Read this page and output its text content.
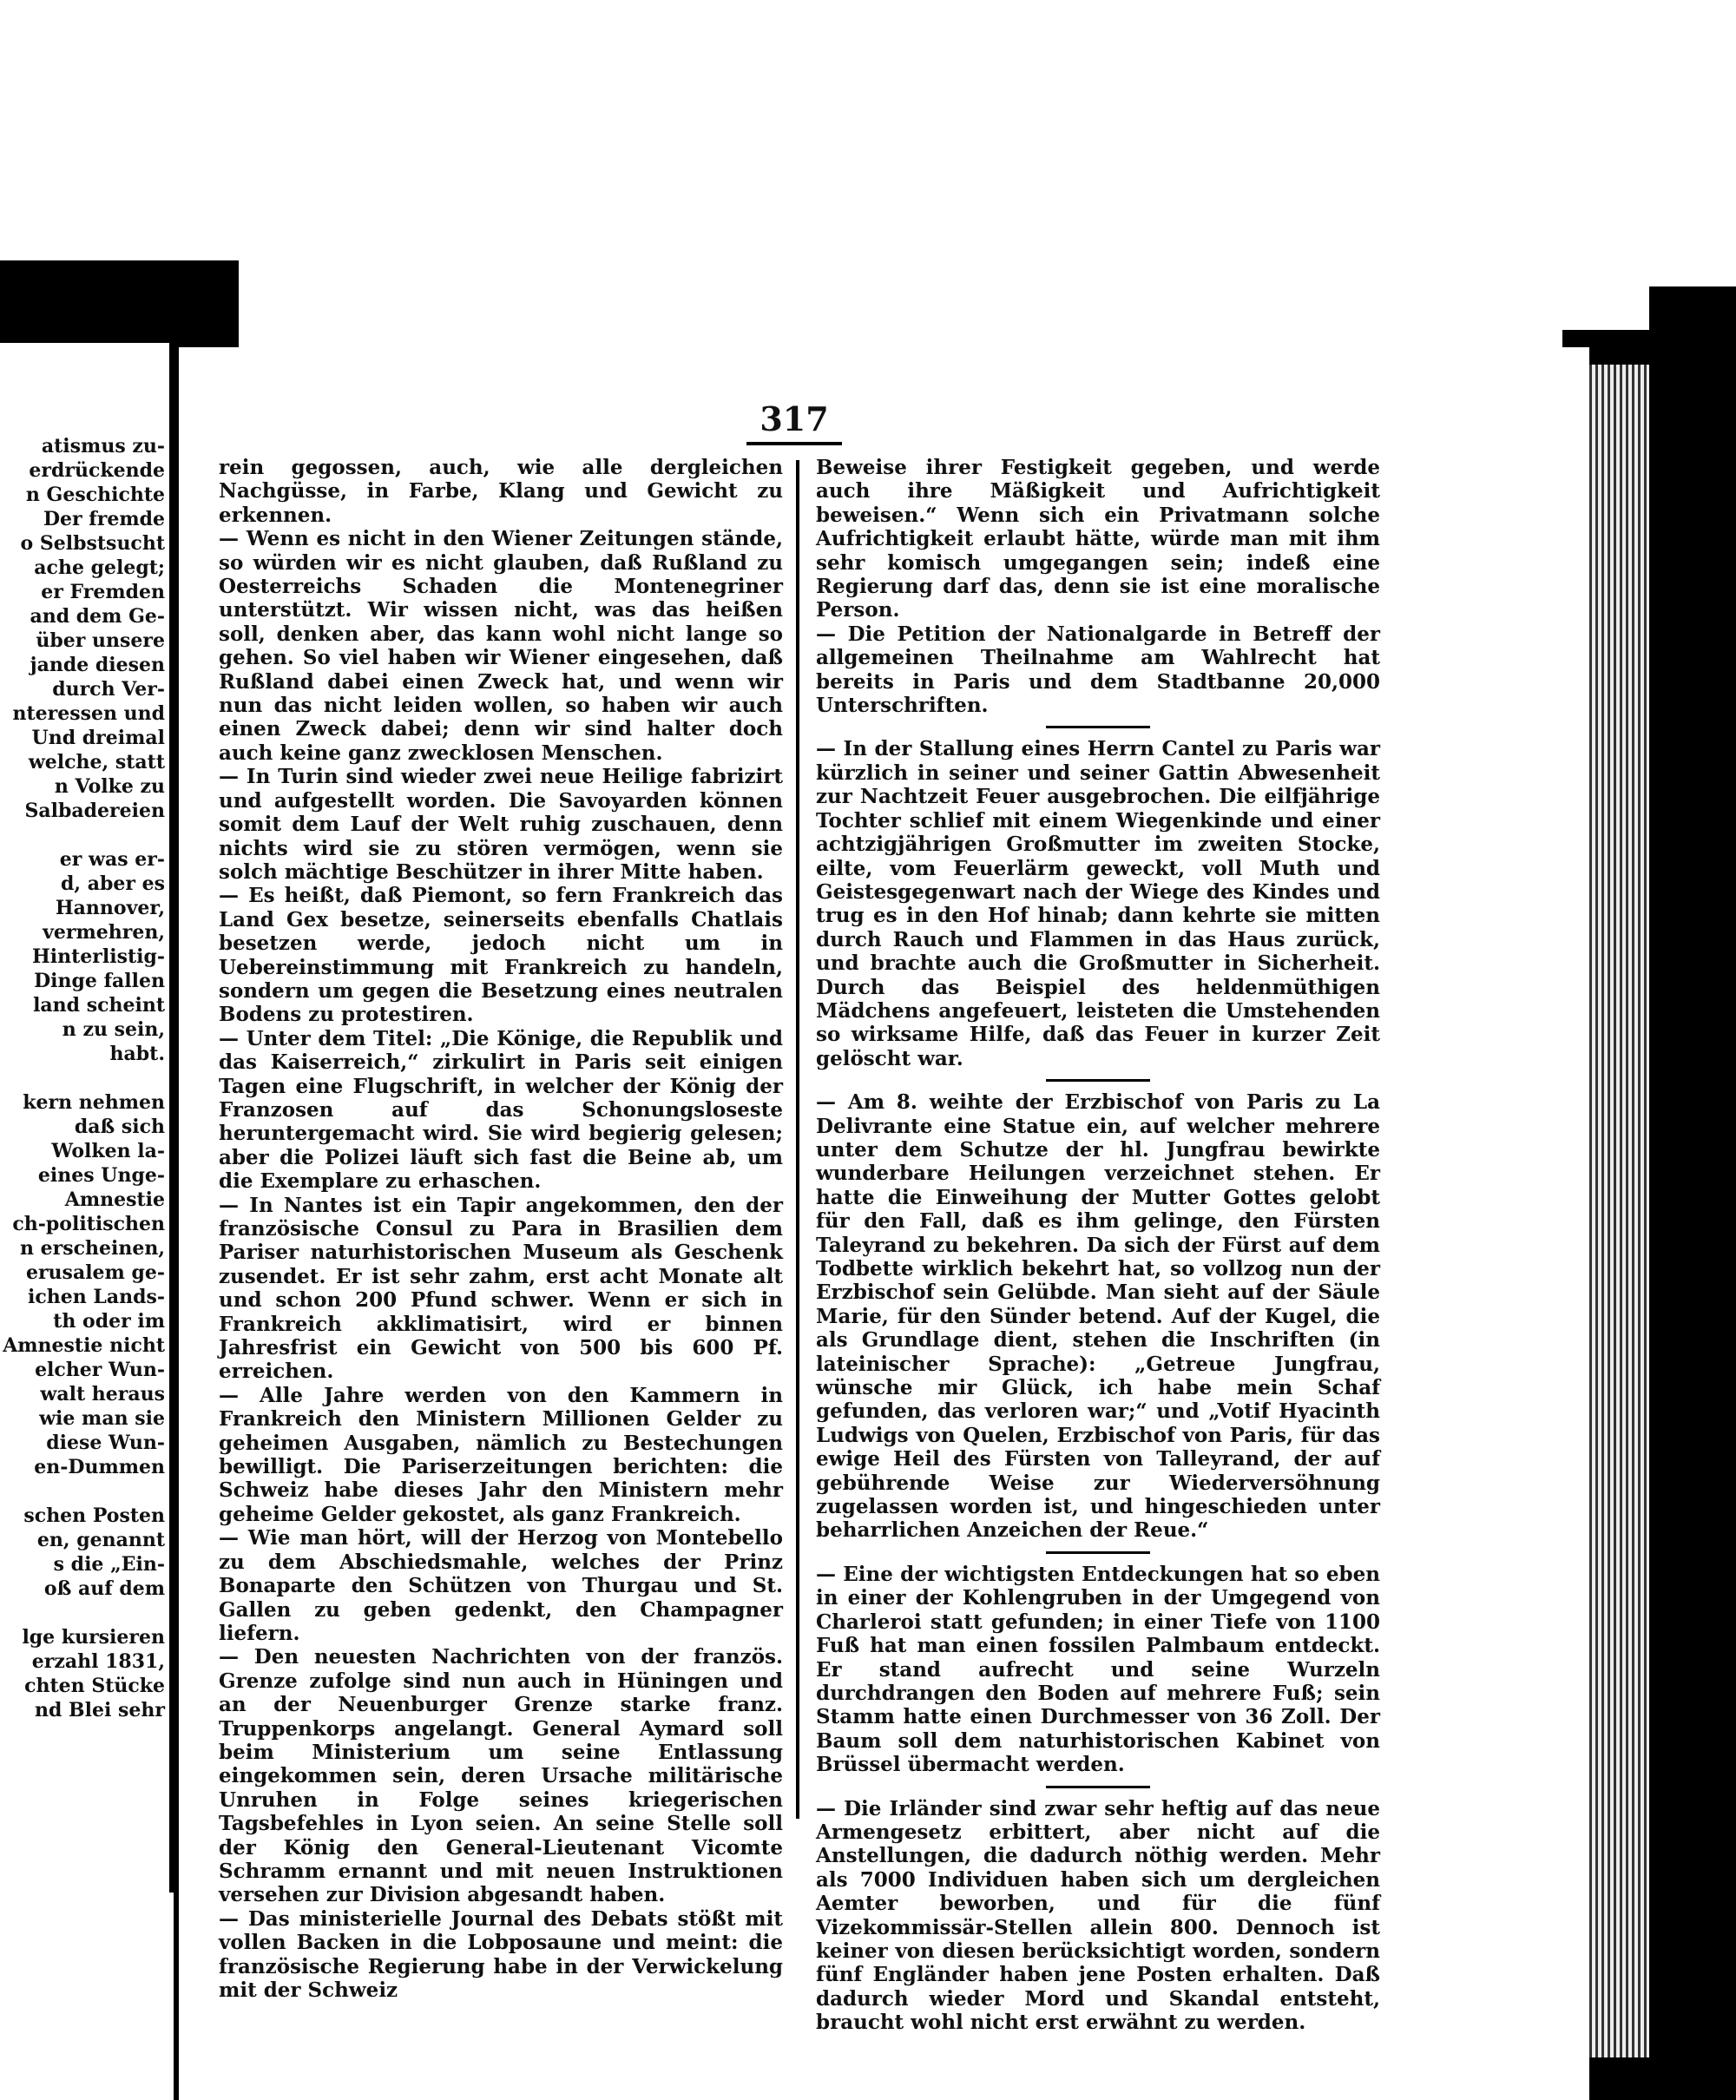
atismus zu-
erdrückende
n Geschichte
Der fremde
o Selbstsucht
ache gelegt;
er Fremden
and dem Ge-
über unsere
jande diesen
durch Ver-
nteressen und
Und dreimal
welche, statt
n Volke zu
Salbadereien

er was er-
d, aber es
Hannover,
vermehren,
Hinterlistig-
Dinge fallen
land scheint
n zu sein,
habt.

kern nehmen
daß sich
Wolken la-
eines Unge-
Amnestie
ch-politischen
n erscheinen,
erusalem ge-
ichen Lands-
th oder im
Amnestie nicht
elcher Wun-
walt heraus
wie man sie
diese Wun-
en-Dummen

schen Posten
en, genannt
s die „Ein-
oß auf dem

lge kursieren
erzahl 1831,
chten Stücke
nd Blei sehr
317

rein gegossen, auch, wie alle dergleichen Nachgüsse, in Farbe, Klang und Gewicht zu erkennen.

— Wenn es nicht in den Wiener Zeitungen stände, so würden wir es nicht glauben, daß Rußland zu Oesterreichs Schaden die Montenegriner unterstützt. Wir wissen nicht, was das heißen soll, denken aber, das kann wohl nicht lange so gehen. So viel haben wir Wiener eingesehen, daß Rußland dabei einen Zweck hat, und wenn wir nun das nicht leiden wollen, so haben wir auch einen Zweck dabei; denn wir sind halter doch auch keine ganz zwecklosen Menschen.

— In Turin sind wieder zwei neue Heilige fabrizirt und aufgestellt worden. Die Savoyarden können somit dem Lauf der Welt ruhig zuschauen, denn nichts wird sie zu stören vermögen, wenn sie solch mächtige Beschützer in ihrer Mitte haben.

— Es heißt, daß Piemont, so fern Frankreich das Land Gex besetze, seinerseits ebenfalls Chatlais besetzen werde, jedoch nicht um in Uebereinstimmung mit Frankreich zu handeln, sondern um gegen die Besetzung eines neutralen Bodens zu protestiren.

— Unter dem Titel: „Die Könige, die Republik und das Kaiserreich,“ zirkulirt in Paris seit einigen Tagen eine Flugschrift, in welcher der König der Franzosen auf das Schonungsloseste heruntergemacht wird. Sie wird begierig gelesen; aber die Polizei läuft sich fast die Beine ab, um die Exemplare zu erhaschen.

— In Nantes ist ein Tapir angekommen, den der französische Consul zu Para in Brasilien dem Pariser naturhistorischen Museum als Geschenk zusendet. Er ist sehr zahm, erst acht Monate alt und schon 200 Pfund schwer. Wenn er sich in Frankreich akklimatisirt, wird er binnen Jahresfrist ein Gewicht von 500 bis 600 Pf. erreichen.

— Alle Jahre werden von den Kammern in Frankreich den Ministern Millionen Gelder zu geheimen Ausgaben, nämlich zu Bestechungen bewilligt. Die Pariserzeitungen berichten: die Schweiz habe dieses Jahr den Ministern mehr geheime Gelder gekostet, als ganz Frankreich.

— Wie man hört, will der Herzog von Montebello zu dem Abschiedsmahle, welches der Prinz Bonaparte den Schützen von Thurgau und St. Gallen zu geben gedenkt, den Champagner liefern.

— Den neuesten Nachrichten von der französ. Grenze zufolge sind nun auch in Hüningen und an der Neuenburger Grenze starke franz. Truppenkorps angelangt. General Aymard soll beim Ministerium um seine Entlassung eingekommen sein, deren Ursache militärische Unruhen in Folge seines kriegerischen Tagsbefehles in Lyon seien. An seine Stelle soll der König den General-Lieutenant Vicomte Schramm ernannt und mit neuen Instruktionen versehen zur Division abgesandt haben.

— Das ministerielle Journal des Debats stößt mit vollen Backen in die Lobposaune und meint: die französische Regierung habe in der Verwickelung mit der Schweiz

Beweise ihrer Festigkeit gegeben, und werde auch ihre Mäßigkeit und Aufrichtigkeit beweisen.“ Wenn sich ein Privatmann solche Aufrichtigkeit erlaubt hätte, würde man mit ihm sehr komisch umgegangen sein; indeß eine Regierung darf das, denn sie ist eine moralische Person.

— Die Petition der Nationalgarde in Betreff der allgemeinen Theilnahme am Wahlrecht hat bereits in Paris und dem Stadtbanne 20,000 Unterschriften.

— In der Stallung eines Herrn Cantel zu Paris war kürzlich in seiner und seiner Gattin Abwesenheit zur Nachtzeit Feuer ausgebrochen. Die eilfjährige Tochter schlief mit einem Wiegenkinde und einer achtzigjährigen Großmutter im zweiten Stocke, eilte, vom Feuerlärm geweckt, voll Muth und Geistesgegenwart nach der Wiege des Kindes und trug es in den Hof hinab; dann kehrte sie mitten durch Rauch und Flammen in das Haus zurück, und brachte auch die Großmutter in Sicherheit. Durch das Beispiel des heldenmüthigen Mädchens angefeuert, leisteten die Umstehenden so wirksame Hilfe, daß das Feuer in kurzer Zeit gelöscht war.

— Am 8. weihte der Erzbischof von Paris zu La Delivrante eine Statue ein, auf welcher mehrere unter dem Schutze der hl. Jungfrau bewirkte wunderbare Heilungen verzeichnet stehen. Er hatte die Einweihung der Mutter Gottes gelobt für den Fall, daß es ihm gelinge, den Fürsten Taleyrand zu bekehren. Da sich der Fürst auf dem Todbette wirklich bekehrt hat, so vollzog nun der Erzbischof sein Gelübde. Man sieht auf der Säule Marie, für den Sünder betend. Auf der Kugel, die als Grundlage dient, stehen die Inschriften (in lateinischer Sprache): „Getreue Jungfrau, wünsche mir Glück, ich habe mein Schaf gefunden, das verloren war;“ und „Votif Hyacinth Ludwigs von Quelen, Erzbischof von Paris, für das ewige Heil des Fürsten von Talleyrand, der auf gebührende Weise zur Wiederversöhnung zugelassen worden ist, und hingeschieden unter beharrlichen Anzeichen der Reue.“

— Eine der wichtigsten Entdeckungen hat so eben in einer der Kohlengruben in der Umgegend von Charleroi statt gefunden; in einer Tiefe von 1100 Fuß hat man einen fossilen Palmbaum entdeckt. Er stand aufrecht und seine Wurzeln durchdrangen den Boden auf mehrere Fuß; sein Stamm hatte einen Durchmesser von 36 Zoll. Der Baum soll dem naturhistorischen Kabinet von Brüssel übermacht werden.

— Die Irländer sind zwar sehr heftig auf das neue Armengesetz erbittert, aber nicht auf die Anstellungen, die dadurch nöthig werden. Mehr als 7000 Individuen haben sich um dergleichen Aemter beworben, und für die fünf Vizekommissär-Stellen allein 800. Dennoch ist keiner von diesen berücksichtigt worden, sondern fünf Engländer haben jene Posten erhalten. Daß dadurch wieder Mord und Skandal entsteht, braucht wohl nicht erst erwähnt zu werden.
